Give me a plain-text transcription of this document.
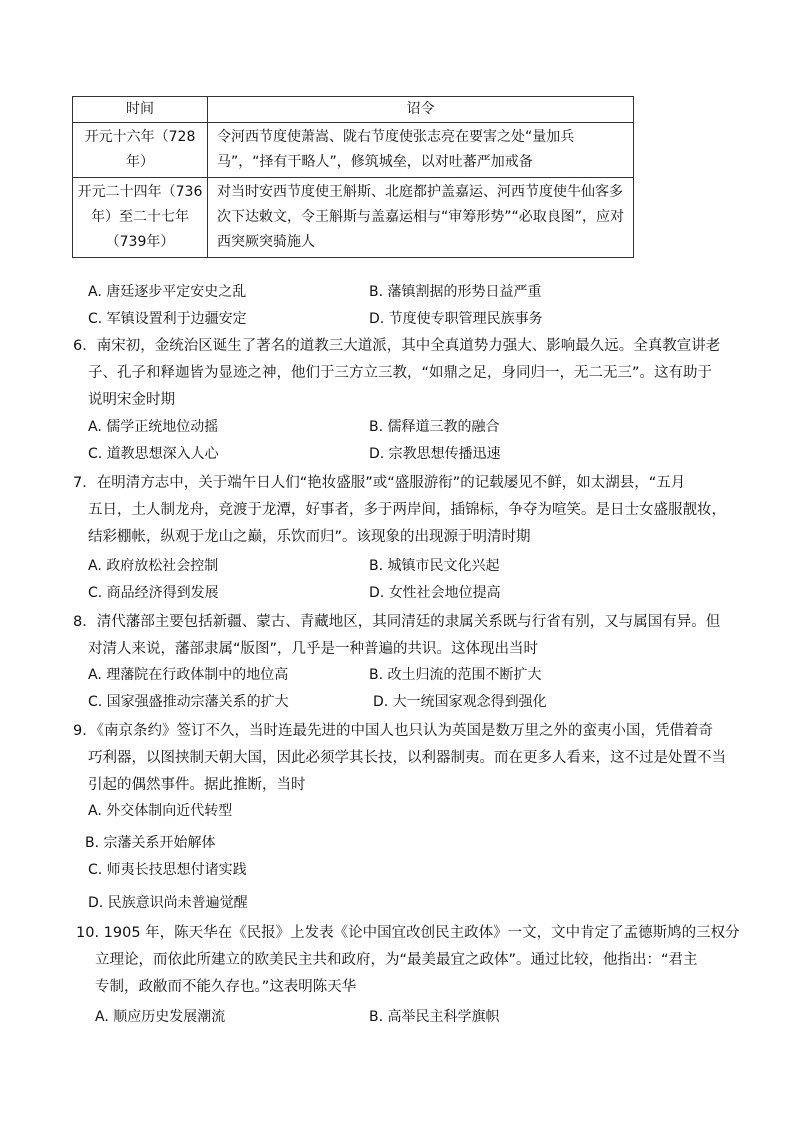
时间	诏令
开元十六年（728年）	令河西节度使萧嵩、陇右节度使张志亮在要害之处“量加兵马”，“择有干略人”，修筑城垒，以对吐蕃严加戒备
开元二十四年（736年）至二十七年（739年）	对当时安西节度使王斛斯、北庭都护盖嘉运、河西节度使牛仙客多次下达敕文，令王斛斯与盖嘉运相与“审筹形势”“必取良图”，应对西突厥突骑施人
A. 唐廷逐步平定安史之乱	B. 藩镇割据的形势日益严重
C. 军镇设置利于边疆安定	D. 节度使专职管理民族事务
6．南宋初，金统治区诞生了著名的道教三大道派，其中全真道势力强大、影响最久远。全真教宣讲老
子、孔子和释迦皆为显迹之神，他们于三方立三教，“如鼎之足，身同归一，无二无三”。这有助于
说明宋金时期
A. 儒学正统地位动摇	B. 儒释道三教的融合
C. 道教思想深入人心	D. 宗教思想传播迅速
7．在明清方志中，关于端午日人们“艳妆盛服”或“盛服游衔”的记载屡见不鲜，如太湖县，“五月
五日，土人制龙舟，竞渡于龙潭，好事者，多于两岸间，插锦标，争夺为喧笑。是日士女盛服靓妆，
结彩棚帐，纵观于龙山之巅，乐饮而归”。该现象的出现源于明清时期
A. 政府放松社会控制	B. 城镇市民文化兴起
C. 商品经济得到发展	D. 女性社会地位提高
8．清代藩部主要包括新疆、蒙古、青藏地区，其同清廷的隶属关系既与行省有别，又与属国有异。但
对清人来说，藩部隶属“版图”，几乎是一种普遍的共识。这体现出当时
A. 理藩院在行政体制中的地位高	B. 改土归流的范围不断扩大
C. 国家强盛推动宗藩关系的扩大	D. 大一统国家观念得到强化
9．《南京条约》签订不久，当时连最先进的中国人也只认为英国是数万里之外的蛮夷小国，凭借着奇
巧利器，以图挟制天朝大国，因此必须学其长技，以利器制夷。而在更多人看来，这不过是处置不当
引起的偶然事件。据此推断，当时
A. 外交体制向近代转型
B. 宗藩关系开始解体
C. 师夷长技思想付诸实践
D. 民族意识尚未普遍觉醒
10. 1905 年，陈天华在《民报》上发表《论中国宜改创民主政体》一文，文中肯定了孟德斯鸠的三权分
立理论，而依此所建立的欧美民主共和政府，为“最美最宜之政体”。通过比较，他指出：“君主
专制，政敝而不能久存也。”这表明陈天华
A. 顺应历史发展潮流	B. 高举民主科学旗帜
